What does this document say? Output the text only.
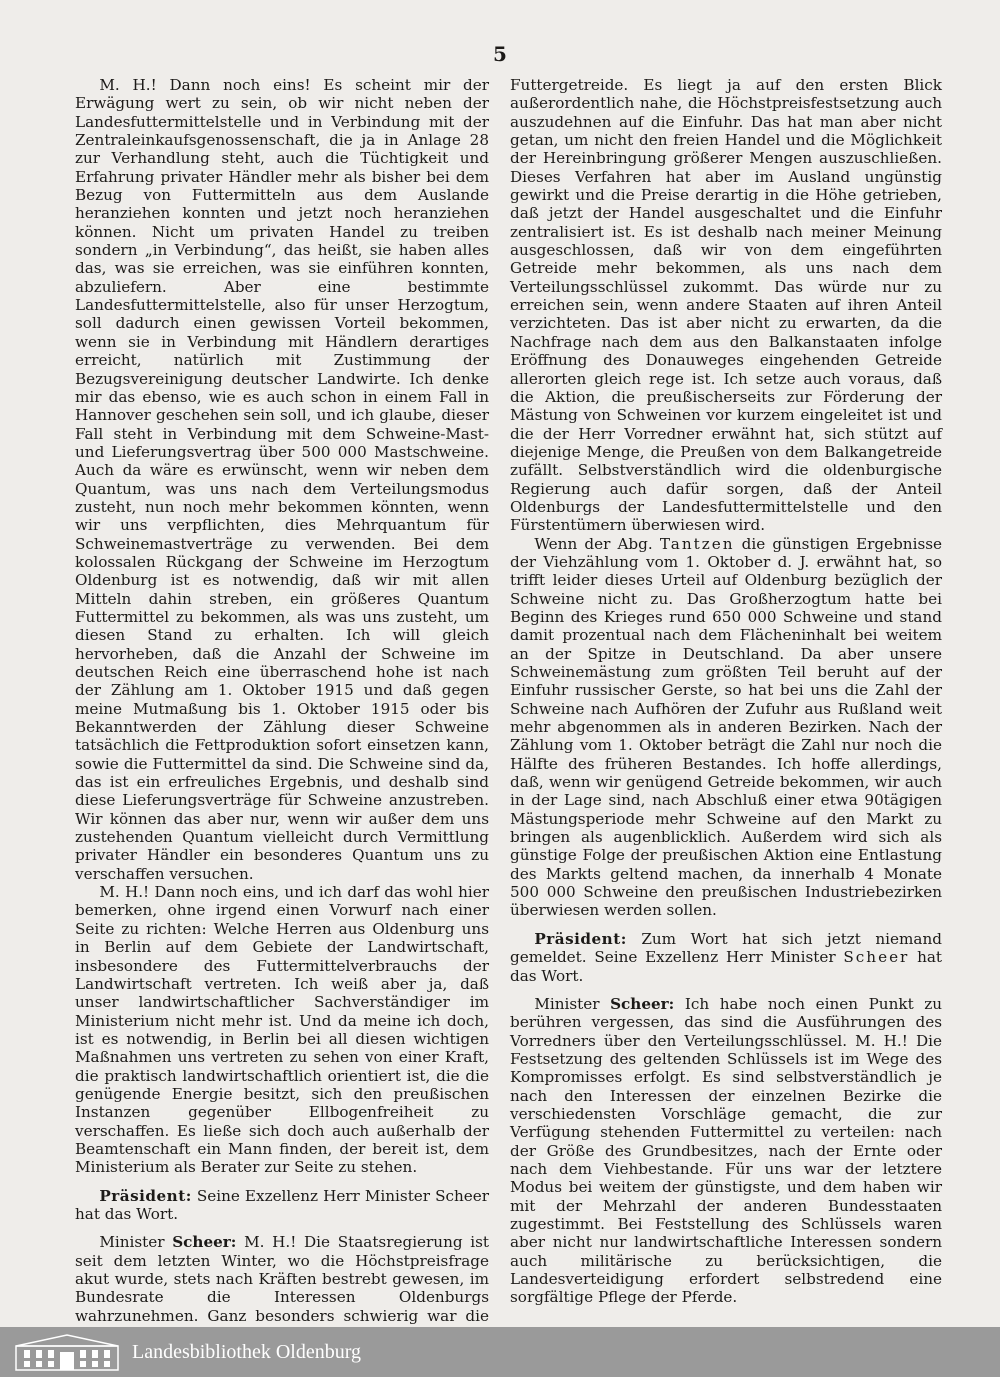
5

M. H.! Dann noch eins! Es scheint mir der Erwägung wert zu sein, ob wir nicht neben der Landesfuttermittelstelle und in Verbindung mit der Zentraleinkaufsgenossenschaft, die ja in Anlage 28 zur Verhandlung steht, auch die Tüchtigkeit und Erfahrung privater Händler mehr als bisher bei dem Bezug von Futtermitteln aus dem Auslande heranziehen konnten und jetzt noch heranziehen können. Nicht um privaten Handel zu treiben sondern „in Verbindung“, das heißt, sie haben alles das, was sie erreichen, was sie einführen konnten, abzuliefern. Aber eine bestimmte Landesfuttermittelstelle, also für unser Herzogtum, soll dadurch einen gewissen Vorteil bekommen, wenn sie in Verbindung mit Händlern derartiges erreicht, natürlich mit Zustimmung der Bezugsvereinigung deutscher Landwirte. Ich denke mir das ebenso, wie es auch schon in einem Fall in Hannover geschehen sein soll, und ich glaube, dieser Fall steht in Verbindung mit dem Schweine-Mast- und Lieferungsvertrag über 500 000 Mastschweine. Auch da wäre es erwünscht, wenn wir neben dem Quantum, was uns nach dem Verteilungsmodus zusteht, nun noch mehr bekommen könnten, wenn wir uns verpflichten, dies Mehrquantum für Schweinemastverträge zu verwenden. Bei dem kolossalen Rückgang der Schweine im Herzogtum Oldenburg ist es notwendig, daß wir mit allen Mitteln dahin streben, ein größeres Quantum Futtermittel zu bekommen, als was uns zusteht, um diesen Stand zu erhalten. Ich will gleich hervorheben, daß die Anzahl der Schweine im deutschen Reich eine überraschend hohe ist nach der Zählung am 1. Oktober 1915 und daß gegen meine Mutmaßung bis 1. Oktober 1915 oder bis Bekanntwerden der Zählung dieser Schweine tatsächlich die Fettproduktion sofort einsetzen kann, sowie die Futtermittel da sind. Die Schweine sind da, das ist ein erfreuliches Ergebnis, und deshalb sind diese Lieferungsverträge für Schweine anzustreben. Wir können das aber nur, wenn wir außer dem uns zustehenden Quantum vielleicht durch Vermittlung privater Händler ein besonderes Quantum uns zu verschaffen versuchen.

M. H.! Dann noch eins, und ich darf das wohl hier bemerken, ohne irgend einen Vorwurf nach einer Seite zu richten: Welche Herren aus Oldenburg uns in Berlin auf dem Gebiete der Landwirtschaft, insbesondere des Futtermittelverbrauchs der Landwirtschaft vertreten. Ich weiß aber ja, daß unser landwirtschaftlicher Sachverständiger im Ministerium nicht mehr ist. Und da meine ich doch, ist es notwendig, in Berlin bei all diesen wichtigen Maßnahmen uns vertreten zu sehen von einer Kraft, die praktisch landwirtschaftlich orientiert ist, die die genügende Energie besitzt, sich den preußischen Instanzen gegenüber Ellbogenfreiheit zu verschaffen. Es ließe sich doch auch außerhalb der Beamtenschaft ein Mann finden, der bereit ist, dem Ministerium als Berater zur Seite zu stehen.

Präsident: Seine Exzellenz Herr Minister Scheer hat das Wort.

Minister Scheer: M. H.! Die Staatsregierung ist seit dem letzten Winter, wo die Höchstpreisfrage akut wurde, stets nach Kräften bestrebt gewesen, im Bundesrate die Interessen Oldenburgs wahrzunehmen. Ganz besonders schwierig war die

Futtergetreide. Es liegt ja auf den ersten Blick außerordentlich nahe, die Höchstpreisfestsetzung auch auszudehnen auf die Einfuhr. Das hat man aber nicht getan, um nicht den freien Handel und die Möglichkeit der Hereinbringung größerer Mengen auszuschließen. Dieses Verfahren hat aber im Ausland ungünstig gewirkt und die Preise derartig in die Höhe getrieben, daß jetzt der Handel ausgeschaltet und die Einfuhr zentralisiert ist. Es ist deshalb nach meiner Meinung ausgeschlossen, daß wir von dem eingeführten Getreide mehr bekommen, als uns nach dem Verteilungsschlüssel zukommt. Das würde nur zu erreichen sein, wenn andere Staaten auf ihren Anteil verzichteten. Das ist aber nicht zu erwarten, da die Nachfrage nach dem aus den Balkanstaaten infolge Eröffnung des Donauweges eingehenden Getreide allerorten gleich rege ist. Ich setze auch voraus, daß die Aktion, die preußischerseits zur Förderung der Mästung von Schweinen vor kurzem eingeleitet ist und die der Herr Vorredner erwähnt hat, sich stützt auf diejenige Menge, die Preußen von dem Balkangetreide zufällt. Selbstverständlich wird die oldenburgische Regierung auch dafür sorgen, daß der Anteil Oldenburgs der Landesfuttermittelstelle und den Fürstentümern überwiesen wird.

Wenn der Abg. Tantzen die günstigen Ergebnisse der Viehzählung vom 1. Oktober d. J. erwähnt hat, so trifft leider dieses Urteil auf Oldenburg bezüglich der Schweine nicht zu. Das Großherzogtum hatte bei Beginn des Krieges rund 650 000 Schweine und stand damit prozentual nach dem Flächeninhalt bei weitem an der Spitze in Deutschland. Da aber unsere Schweinemästung zum größten Teil beruht auf der Einfuhr russischer Gerste, so hat bei uns die Zahl der Schweine nach Aufhören der Zufuhr aus Rußland weit mehr abgenommen als in anderen Bezirken. Nach der Zählung vom 1. Oktober beträgt die Zahl nur noch die Hälfte des früheren Bestandes. Ich hoffe allerdings, daß, wenn wir genügend Getreide bekommen, wir auch in der Lage sind, nach Abschluß einer etwa 90tägigen Mästungsperiode mehr Schweine auf den Markt zu bringen als augenblicklich. Außerdem wird sich als günstige Folge der preußischen Aktion eine Entlastung des Markts geltend machen, da innerhalb 4 Monate 500 000 Schweine den preußischen Industriebezirken überwiesen werden sollen.

Präsident: Zum Wort hat sich jetzt niemand gemeldet. Seine Exzellenz Herr Minister Scheer hat das Wort.

Minister Scheer: Ich habe noch einen Punkt zu berühren vergessen, das sind die Ausführungen des Vorredners über den Verteilungsschlüssel. M. H.! Die Festsetzung des geltenden Schlüssels ist im Wege des Kompromisses erfolgt. Es sind selbstverständlich je nach den Interessen der einzelnen Bezirke die verschiedensten Vorschläge gemacht, die zur Verfügung stehenden Futtermittel zu verteilen: nach der Größe des Grundbesitzes, nach der Ernte oder nach dem Viehbestande. Für uns war der letztere Modus bei weitem der günstigste, und dem haben wir mit der Mehrzahl der anderen Bundesstaaten zugestimmt. Bei Feststellung des Schlüssels waren aber nicht nur landwirtschaftliche Interessen sondern auch militärische zu berücksichtigen, die Landesverteidigung erfordert selbstredend eine sorgfältige Pflege der Pferde.

Landesbibliothek Oldenburg
